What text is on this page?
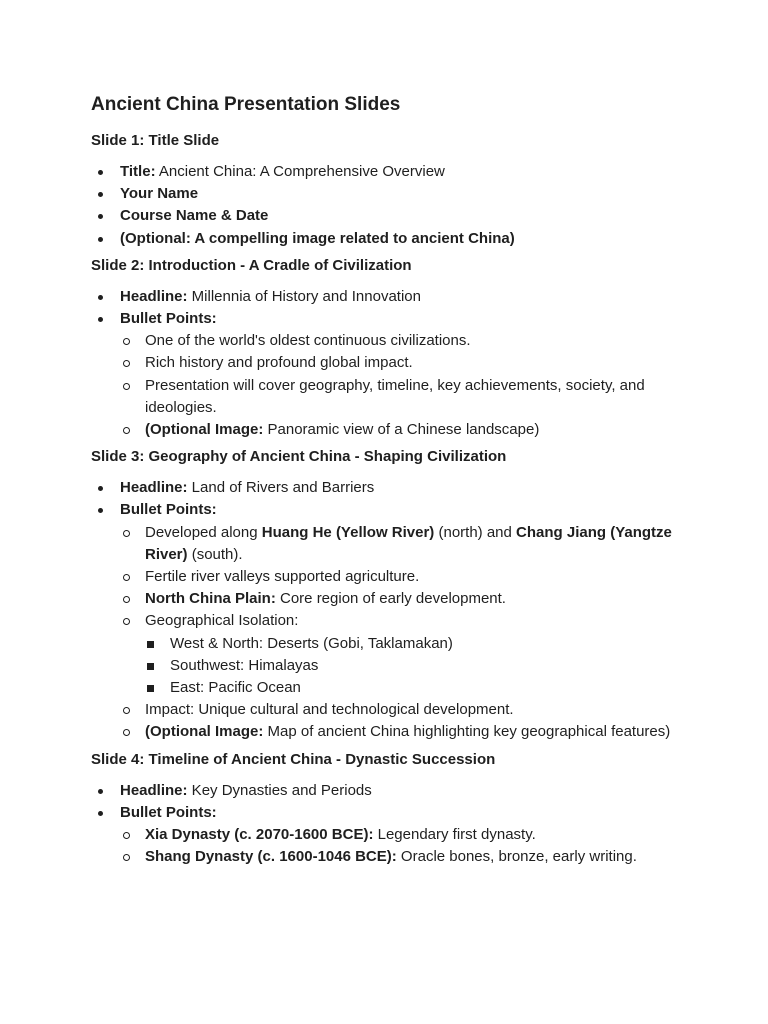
Ancient China Presentation Slides
Slide 1: Title Slide
Title: Ancient China: A Comprehensive Overview
Your Name
Course Name & Date
(Optional: A compelling image related to ancient China)
Slide 2: Introduction - A Cradle of Civilization
Headline: Millennia of History and Innovation
Bullet Points:
One of the world's oldest continuous civilizations.
Rich history and profound global impact.
Presentation will cover geography, timeline, key achievements, society, and ideologies.
(Optional Image: Panoramic view of a Chinese landscape)
Slide 3: Geography of Ancient China - Shaping Civilization
Headline: Land of Rivers and Barriers
Bullet Points:
Developed along Huang He (Yellow River) (north) and Chang Jiang (Yangtze River) (south).
Fertile river valleys supported agriculture.
North China Plain: Core region of early development.
Geographical Isolation:
West & North: Deserts (Gobi, Taklamakan)
Southwest: Himalayas
East: Pacific Ocean
Impact: Unique cultural and technological development.
(Optional Image: Map of ancient China highlighting key geographical features)
Slide 4: Timeline of Ancient China - Dynastic Succession
Headline: Key Dynasties and Periods
Bullet Points:
Xia Dynasty (c. 2070-1600 BCE): Legendary first dynasty.
Shang Dynasty (c. 1600-1046 BCE): Oracle bones, bronze, early writing.
